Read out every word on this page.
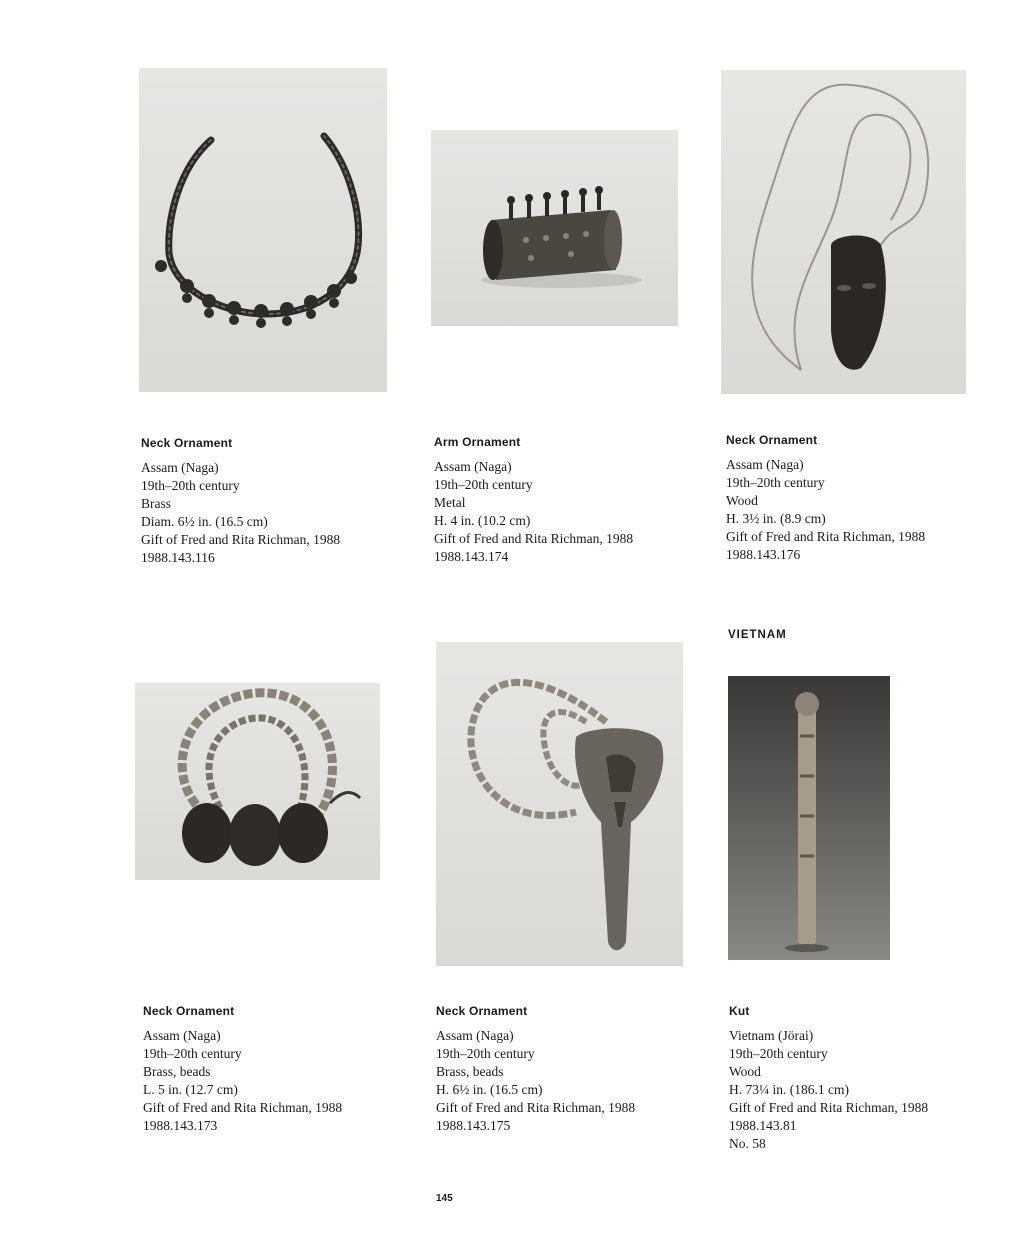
Neck Ornament
Assam (Naga)
19th–20th century
Brass
Diam. 6½ in. (16.5 cm)
Gift of Fred and Rita Richman, 1988
1988.143.116
Arm Ornament
Assam (Naga)
19th–20th century
Metal
H. 4 in. (10.2 cm)
Gift of Fred and Rita Richman, 1988
1988.143.174
Neck Ornament
Assam (Naga)
19th–20th century
Wood
H. 3½ in. (8.9 cm)
Gift of Fred and Rita Richman, 1988
1988.143.176
VIETNAM
Neck Ornament
Assam (Naga)
19th–20th century
Brass, beads
L. 5 in. (12.7 cm)
Gift of Fred and Rita Richman, 1988
1988.143.173
Neck Ornament
Assam (Naga)
19th–20th century
Brass, beads
H. 6½ in. (16.5 cm)
Gift of Fred and Rita Richman, 1988
1988.143.175
Kut
Vietnam (Jörai)
19th–20th century
Wood
H. 73¼ in. (186.1 cm)
Gift of Fred and Rita Richman, 1988
1988.143.81
No. 58
145
